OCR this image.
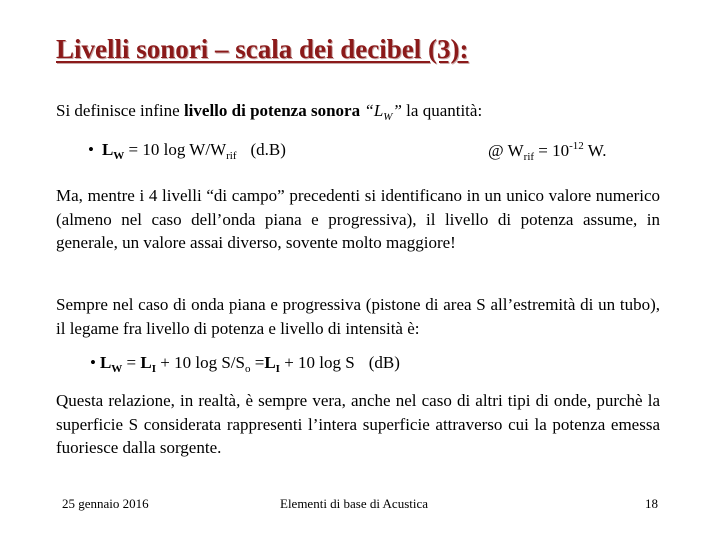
Livelli sonori – scala dei decibel (3):

Si definisce infine livello di potenza sonora “$L_W$” la quantità:

• $L_W = 10$ $\log W/W_{rif}$ (d.B)	@ $W_{rif} = 10^{-12}$ W.

Ma, mentre i 4 livelli “di campo” precedenti si identificano in un unico valore numerico (almeno nel caso dell’onda piana e progressiva), il livello di potenza assume, in generale, un valore assai diverso, sovente molto maggiore!

Sempre nel caso di onda piana e progressiva (pistone di area S all’estremità di un tubo), il legame fra livello di potenza e livello di intensità è:

• $L_W = L_I + 10$ $\log S/S_o =L_I + 10$ log S (dB)

Questa relazione, in realtà, è sempre vera, anche nel caso di altri tipi di onde, purchè la superficie S considerata rappresenti l’intera superficie attraverso cui la potenza emessa fuoriesce dalla sorgente.

25 gennaio 2016	Elementi di base di Acustica	18
